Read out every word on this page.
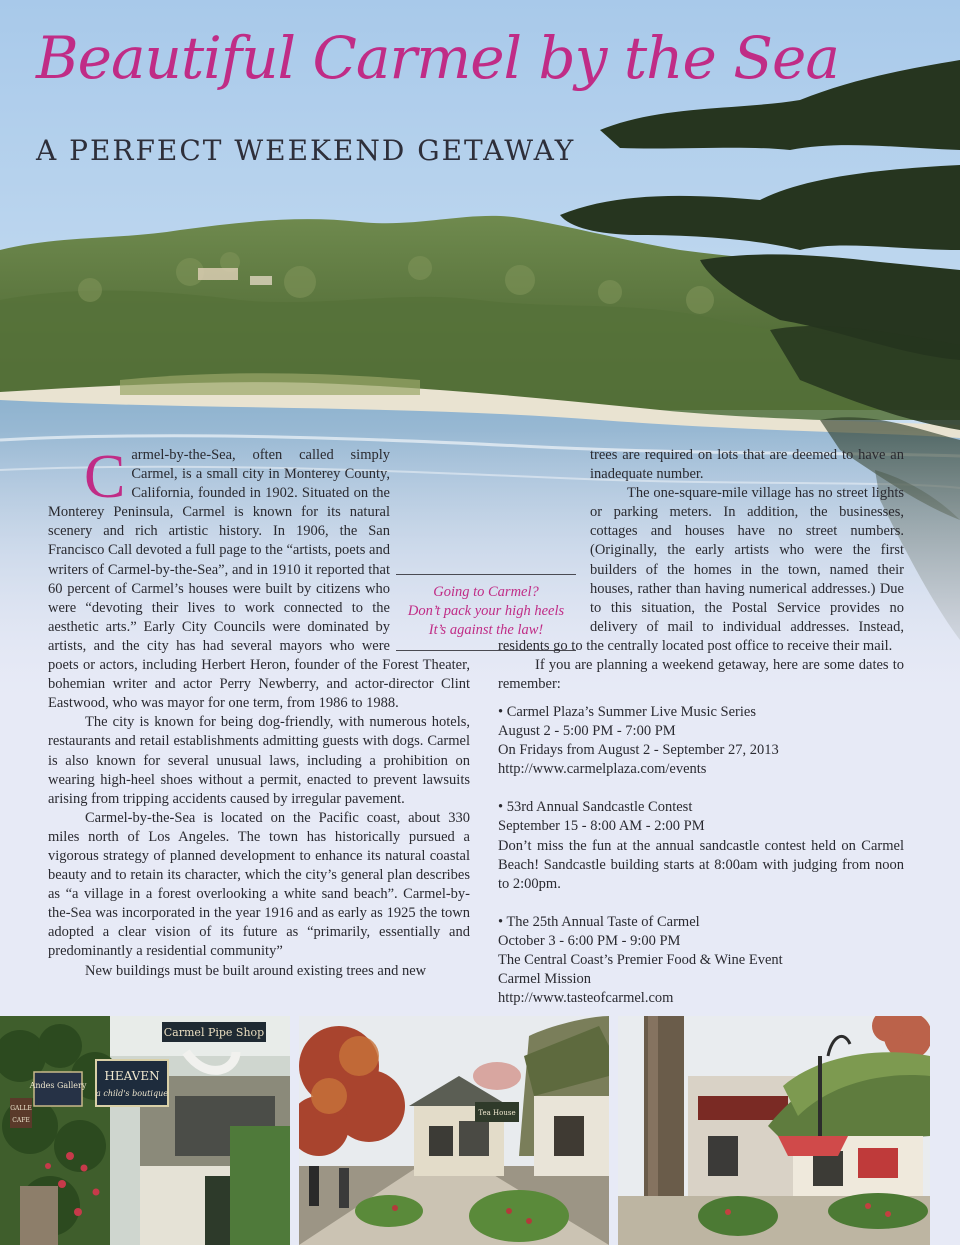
Beautiful Carmel by the Sea
A PERFECT WEEKEND GETAWAY
C armel-by-the-Sea, often called simply Carmel, is a small city in Monterey County, California, founded in 1902. Situated on the Monterey Peninsula, Carmel is known for its natural scenery and rich artistic history. In 1906, the San Francisco Call devoted a full page to the “artists, poets and writers of Carmel-by-the-Sea”, and in 1910 it reported that 60 percent of Carmel’s houses were built by citizens who were “devoting their lives to work connected to the aesthetic arts.” Early City Councils were dominated by artists, and the city has had several mayors who were poets or actors, including Herbert Heron, founder of the Forest Theater, bohemian writer and actor Perry Newberry, and actor-director Clint Eastwood, who was mayor for one term, from 1986 to 1988.

The city is known for being dog-friendly, with numerous hotels, restaurants and retail establishments admitting guests with dogs. Carmel is also known for several unusual laws, including a prohibition on wearing high-heel shoes without a permit, enacted to prevent lawsuits arising from tripping accidents caused by irregular pavement.

Carmel-by-the-Sea is located on the Pacific coast, about 330 miles north of Los Angeles. The town has historically pursued a vigorous strategy of planned development to enhance its natural coastal beauty and to retain its character, which the city’s general plan describes as “a village in a forest overlooking a white sand beach”. Carmel-by-the-Sea was incorporated in the year 1916 and as early as 1925 the town adopted a clear vision of its future as “primarily, essentially and predominantly a residential community”

New buildings must be built around existing trees and new

Going to Carmel?
Don’t pack your high heels
It’s against the law!

trees are required on lots that are deemed to have an inadequate number.

The one-square-mile village has no street lights or parking meters. In addition, the businesses, cottages and houses have no street numbers. (Originally, the early artists who were the first builders of the homes in the town, named their houses, rather than having numerical addresses.) Due to this situation, the Postal Service provides no delivery of mail to individual addresses. Instead, residents go to the centrally located post office to receive their mail.

If you are planning a weekend getaway, here are some dates to remember:

• Carmel Plaza’s Summer Live Music Series
August 2 - 5:00 PM - 7:00 PM
On Fridays from August 2 - September 27, 2013
http://www.carmelplaza.com/events
• 53rd Annual Sandcastle Contest
September 15 - 8:00 AM - 2:00 PM
Don’t miss the fun at the annual sandcastle contest held on Carmel Beach! Sandcastle building starts at 8:00am with judging from noon to 2:00pm.
• The 25th Annual Taste of Carmel
October 3 - 6:00 PM - 9:00 PM
The Central Coast’s Premier Food & Wine Event
Carmel Mission
http://www.tasteofcarmel.com
Carmel Pipe Shop
HEAVEN
a child's boutique
Andes Gallery
GALLE
CAFE
Tea House
